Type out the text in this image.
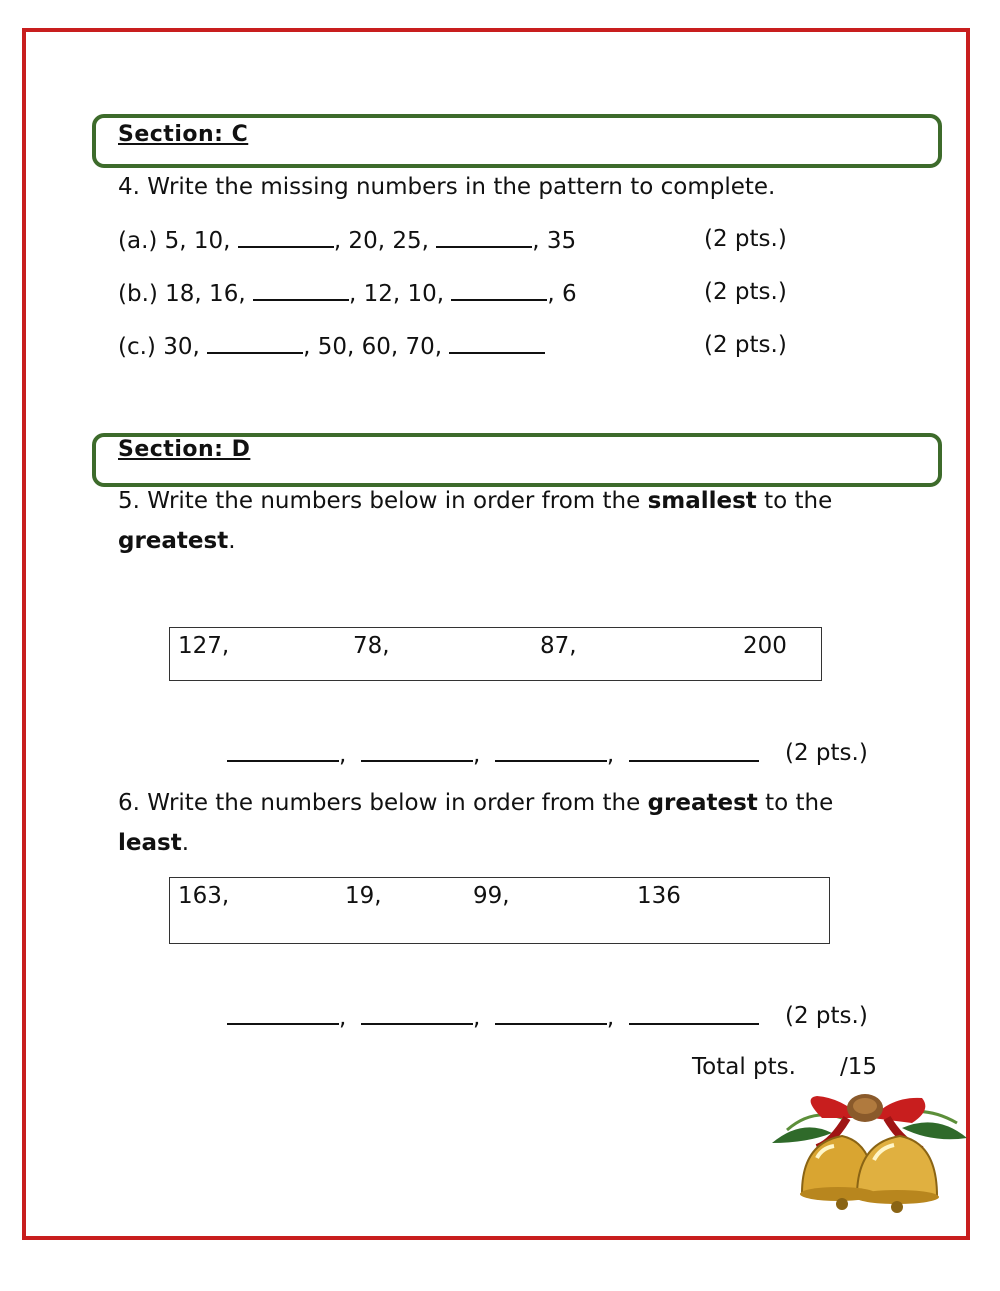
Section: C
4. Write the missing numbers in the pattern to complete.
(a.) 5, 10,	, 20, 25,	, 35	(2 pts.)
(b.) 18, 16,	, 12, 10,	, 6	(2 pts.)
(c.) 30,	, 50, 60, 70,	(2 pts.)
Section: D
5. Write the numbers below in order from the smallest to the
greatest.
127,	78,	87,	200
,	,	,	(2 pts.)
6. Write the numbers below in order from the greatest to the
least.
163,	19,	99,	136
,	,	,	(2 pts.)
Total pts. /15
